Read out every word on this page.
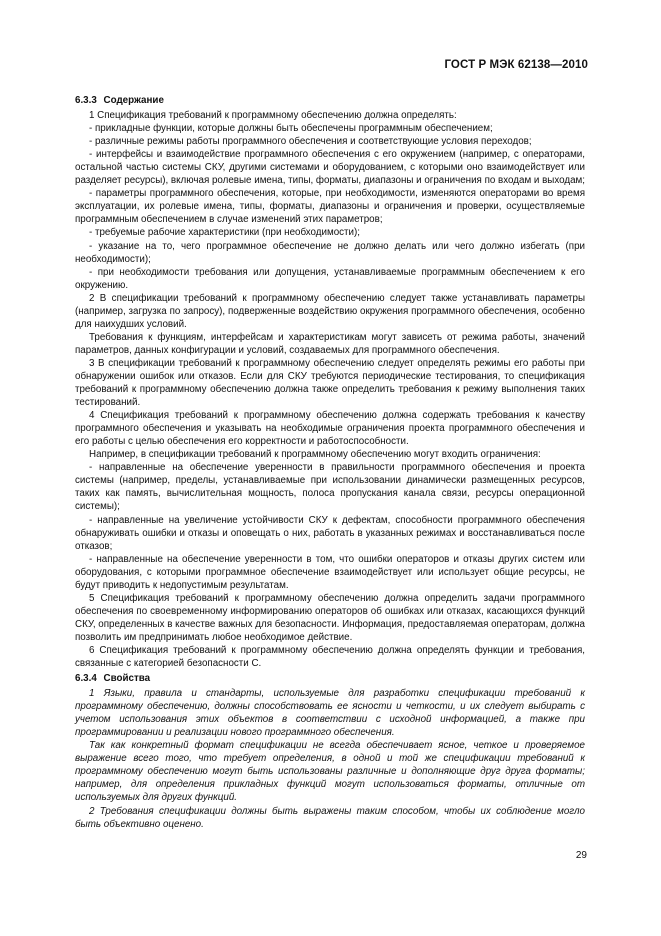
ГОСТ Р МЭК 62138—2010
6.3.3 Содержание

1 Спецификация требований к программному обеспечению должна определять:

- прикладные функции, которые должны быть обеспечены программным обеспечением;

- различные режимы работы программного обеспечения и соответствующие условия переходов;

- интерфейсы и взаимодействие программного обеспечения с его окружением (например, с операторами, остальной частью системы СКУ, другими системами и оборудованием, с которыми оно взаимодействует или разделяет ресурсы), включая ролевые имена, типы, форматы, диапазоны и ограничения по входам и выходам;

- параметры программного обеспечения, которые, при необходимости, изменяются операторами во время эксплуатации, их ролевые имена, типы, форматы, диапазоны и ограничения и проверки, осуществляемые программным обеспечением в случае изменений этих параметров;

- требуемые рабочие характеристики (при необходимости);

- указание на то, чего программное обеспечение не должно делать или чего должно избегать (при необходимости);

- при необходимости требования или допущения, устанавливаемые программным обеспечением к его окружению.

2 В спецификации требований к программному обеспечению следует также устанавливать параметры (например, загрузка по запросу), подверженные воздействию окружения программного обеспечения, особенно для наихудших условий.

Требования к функциям, интерфейсам и характеристикам могут зависеть от режима работы, значений параметров, данных конфигурации и условий, создаваемых для программного обеспечения.

3 В спецификации требований к программному обеспечению следует определять режимы его работы при обнаружении ошибок или отказов. Если для СКУ требуются периодические тестирования, то спецификация требований к программному обеспечению должна также определить требования к режиму выполнения таких тестирований.

4 Спецификация требований к программному обеспечению должна содержать требования к качеству программного обеспечения и указывать на необходимые ограничения проекта программного обеспечения и его работы с целью обеспечения его корректности и работоспособности.

Например, в спецификации требований к программному обеспечению могут входить ограничения:

- направленные на обеспечение уверенности в правильности программного обеспечения и проекта системы (например, пределы, устанавливаемые при использовании динамически размещенных ресурсов, таких как память, вычислительная мощность, полоса пропускания канала связи, ресурсы операционной системы);

- направленные на увеличение устойчивости СКУ к дефектам, способности программного обеспечения обнаруживать ошибки и отказы и оповещать о них, работать в указанных режимах и восстанавливаться после отказов;

- направленные на обеспечение уверенности в том, что ошибки операторов и отказы других систем или оборудования, с которыми программное обеспечение взаимодействует или использует общие ресурсы, не будут приводить к недопустимым результатам.

5 Спецификация требований к программному обеспечению должна определить задачи программного обеспечения по своевременному информированию операторов об ошибках или отказах, касающихся функций СКУ, определенных в качестве важных для безопасности. Информация, предоставляемая операторам, должна позволить им предпринимать любое необходимое действие.

6 Спецификация требований к программному обеспечению должна определять функции и требования, связанные с категорией безопасности С.

6.3.4 Свойства

1 Языки, правила и стандарты, используемые для разработки спецификации требований к программному обеспечению, должны способствовать ее ясности и четкости, и их следует выбирать с учетом использования этих объектов в соответствии с исходной информацией, а также при программировании и реализации нового программного обеспечения.

Так как конкретный формат спецификации не всегда обеспечивает ясное, четкое и проверяемое выражение всего того, что требует определения, в одной и той же спецификации требований к программному обеспечению могут быть использованы различные и дополняющие друг друга форматы; например, для определения прикладных функций могут использоваться форматы, отличные от используемых для других функций.

2 Требования спецификации должны быть выражены таким способом, чтобы их соблюдение могло быть объективно оценено.

29
